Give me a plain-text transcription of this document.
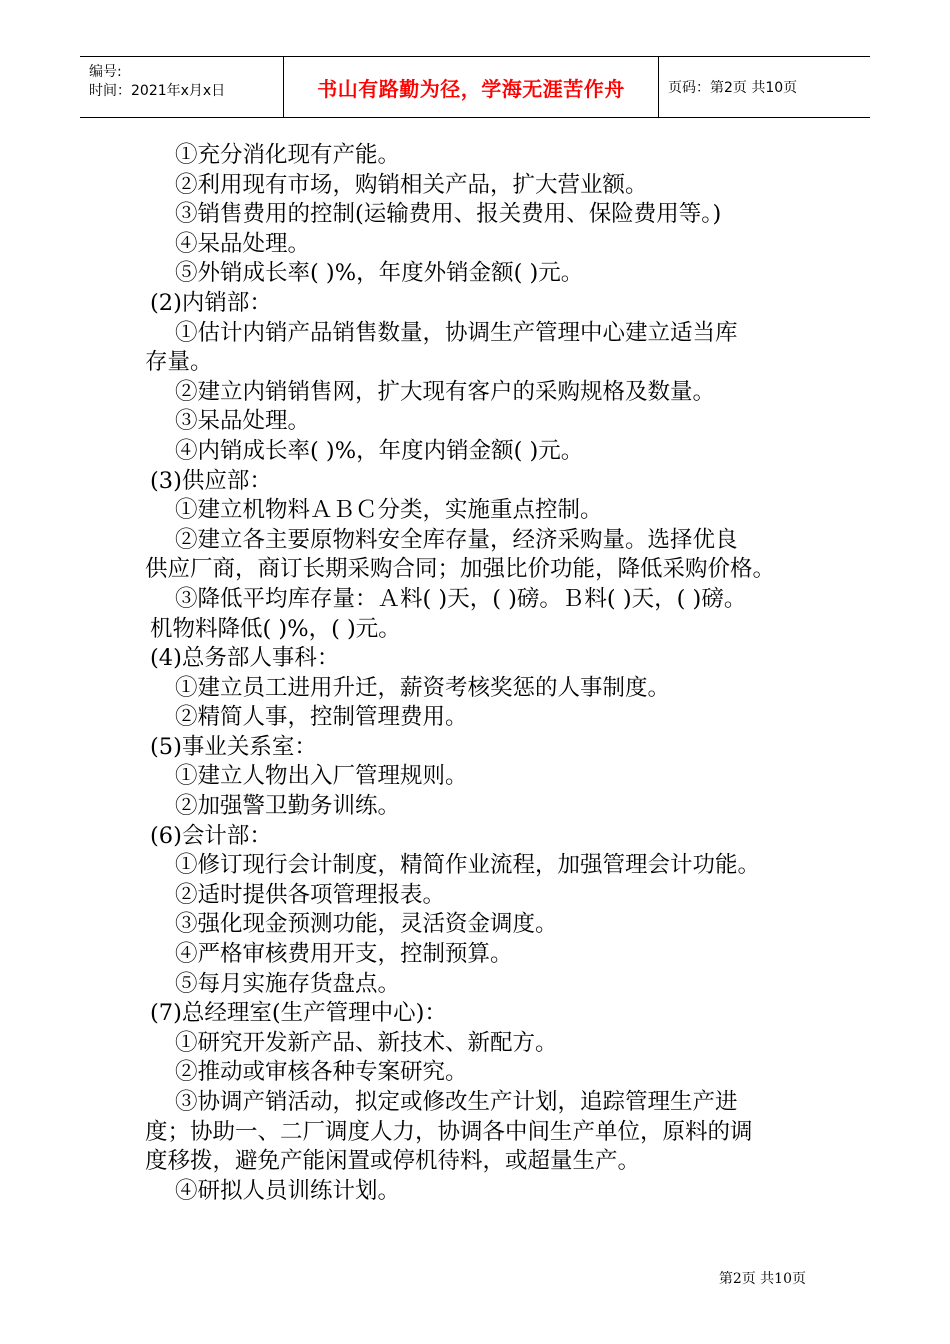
编号:
时间：2021年x月x日	书山有路勤为径，学海无涯苦作舟	页码：第2页 共10页
①充分消化现有产能。
②利用现有市场，购销相关产品，扩大营业额。
③销售费用的控制(运输费用、报关费用、保险费用等。)
④呆品处理。
⑤外销成长率( )%，年度外销金额( )元。
(2)内销部：
①估计内销产品销售数量，协调生产管理中心建立适当库
存量。
②建立内销销售网，扩大现有客户的采购规格及数量。
③呆品处理。
④内销成长率( )%，年度内销金额( )元。
(3)供应部：
①建立机物料ＡＢＣ分类，实施重点控制。
②建立各主要原物料安全库存量，经济采购量。选择优良
供应厂商，商订长期采购合同；加强比价功能，降低采购价格。
③降低平均库存量：Ａ料( )天，( )磅。Ｂ料( )天，( )磅。
机物料降低( )%，( )元。
(4)总务部人事科：
①建立员工进用升迁，薪资考核奖惩的人事制度。
②精简人事，控制管理费用。
(5)事业关系室：
①建立人物出入厂管理规则。
②加强警卫勤务训练。
(6)会计部：
①修订现行会计制度，精简作业流程，加强管理会计功能。
②适时提供各项管理报表。
③强化现金预测功能，灵活资金调度。
④严格审核费用开支，控制预算。
⑤每月实施存货盘点。
(7)总经理室(生产管理中心)：
①研究开发新产品、新技术、新配方。
②推动或审核各种专案研究。
③协调产销活动，拟定或修改生产计划，追踪管理生产进
度；协助一、二厂调度人力，协调各中间生产单位，原料的调
度移拨，避免产能闲置或停机待料，或超量生产。
④研拟人员训练计划。
第2页 共10页
